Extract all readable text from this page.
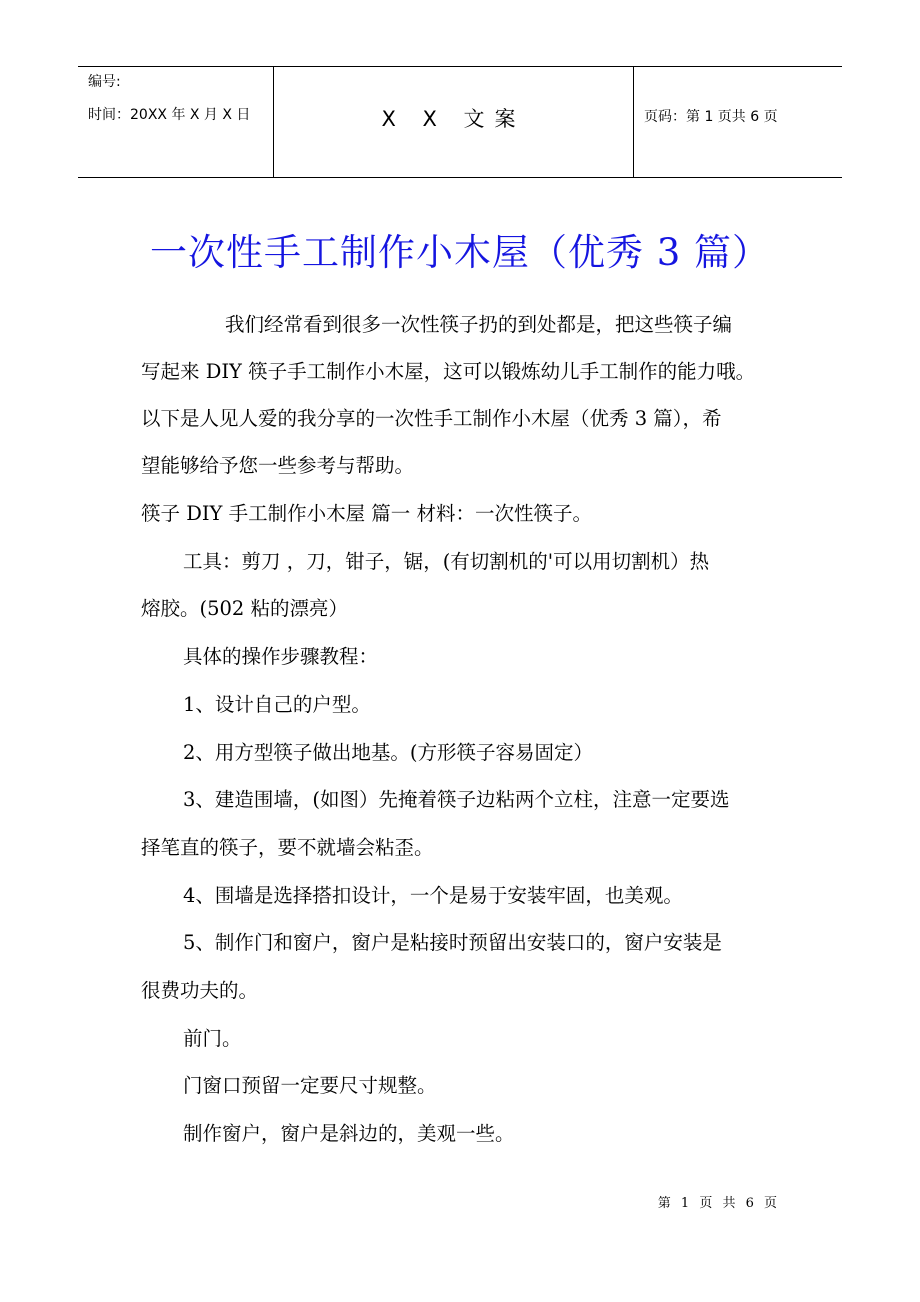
编号:
时间：20XX 年 X 月 X 日	X X 文案	页码：第 1 页共 6 页
一次性手工制作小木屋（优秀 3 篇）
我们经常看到很多一次性筷子扔的到处都是，把这些筷子编
写起来 DIY 筷子手工制作小木屋，这可以锻炼幼儿手工制作的能力哦。
以下是人见人爱的我分享的一次性手工制作小木屋（优秀 3 篇），希
望能够给予您一些参考与帮助。
筷子 DIY 手工制作小木屋 篇一 材料：一次性筷子。
工具：剪刀 ，刀，钳子，锯，(有切割机的'可以用切割机）热
熔胶。(502 粘的漂亮）
具体的操作步骤教程：
1、设计自己的户型。
2、用方型筷子做出地基。(方形筷子容易固定）
3、建造围墙，(如图）先掩着筷子边粘两个立柱，注意一定要选
择笔直的筷子，要不就墙会粘歪。
4、围墙是选择搭扣设计，一个是易于安装牢固，也美观。
5、制作门和窗户，窗户是粘接时预留出安装口的，窗户安装是
很费功夫的。
前门。
门窗口预留一定要尺寸规整。
制作窗户，窗户是斜边的，美观一些。
第 1 页 共 6 页
